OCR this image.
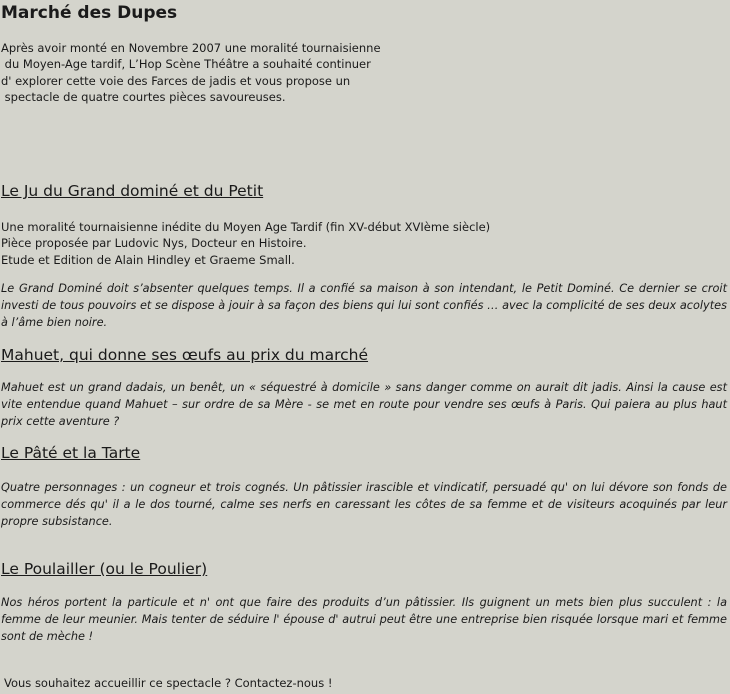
Marché des Dupes
Après avoir monté en Novembre 2007 une moralité tournaisienne
du Moyen-Age tardif, L’Hop Scène Théâtre a souhaité continuer
d' explorer cette voie des Farces de jadis et vous propose un
spectacle de quatre courtes pièces savoureuses.
Le Ju du Grand dominé et du Petit
Une moralité tournaisienne inédite du Moyen Age Tardif (fin XV-début XVIème siècle)
Pièce proposée par Ludovic Nys, Docteur en Histoire.
Etude et Edition de Alain Hindley et Graeme Small.

Le Grand Dominé doit s’absenter quelques temps. Il a confié sa maison à son intendant, le Petit Dominé. Ce dernier se croit investi de tous pouvoirs et se dispose à jouir à sa façon des biens qui lui sont confiés … avec la complicité de ses deux acolytes à l’âme bien noire.

Mahuet, qui donne ses œufs au prix du marché

Mahuet est un grand dadais, un benêt, un « séquestré à domicile » sans danger comme on aurait dit jadis. Ainsi la cause est vite entendue quand Mahuet – sur ordre de sa Mère - se met en route pour vendre ses œufs à Paris. Qui paiera au plus haut prix cette aventure ?

Le Pâté et la Tarte

Quatre personnages : un cogneur et trois cognés. Un pâtissier irascible et vindicatif, persuadé qu' on lui dévore son fonds de commerce dés qu' il a le dos tourné, calme ses nerfs en caressant les côtes de sa femme et de visiteurs acoquinés par leur propre subsistance.

Le Poulailler (ou le Poulier)

Nos héros portent la particule et n' ont que faire des produits d’un pâtissier. Ils guignent un mets bien plus succulent : la femme de leur meunier. Mais tenter de séduire l' épouse d' autrui peut être une entreprise bien risquée lorsque mari et femme sont de mèche !

Vous souhaitez accueillir ce spectacle ? Contactez-nous !
